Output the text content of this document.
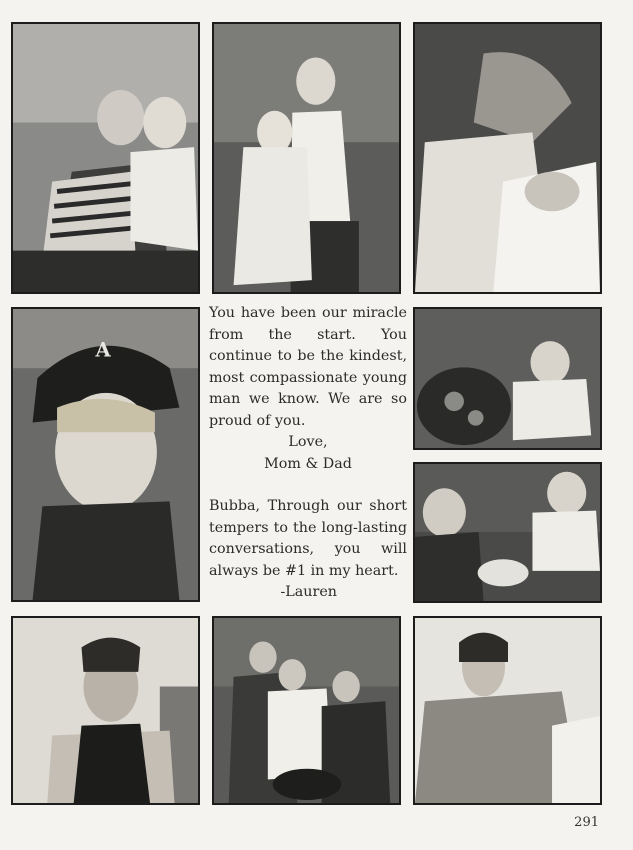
A

You have been our miracle from the start. You continue to be the kindest, most compassionate young man we know. We are so proud of you.

Love,

Mom & Dad

Bubba, Through our short tempers to the long-lasting conversations, you will always be #1 in my heart.

-Lauren

291
